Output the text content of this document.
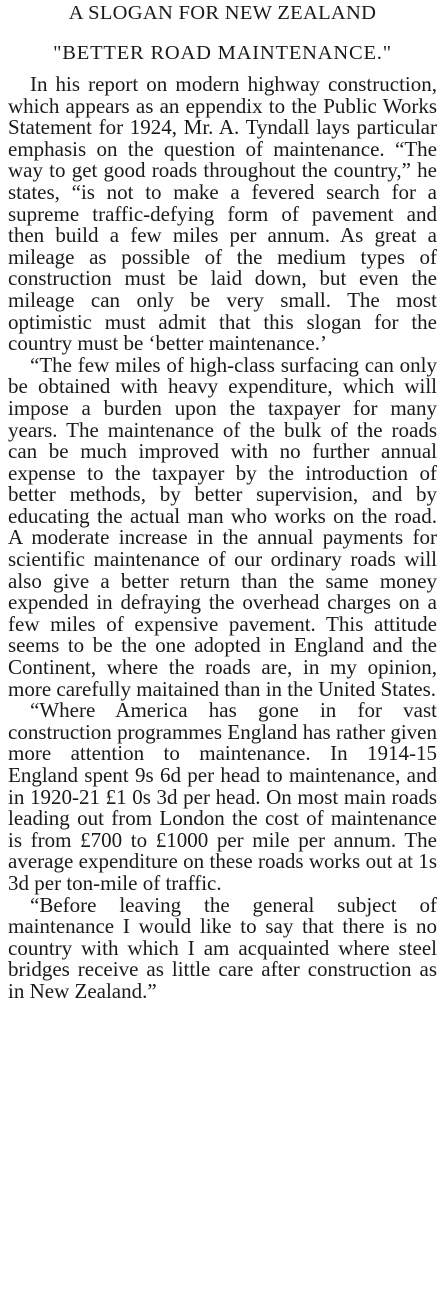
A SLOGAN FOR NEW ZEALAND
"BETTER ROAD MAINTENANCE."

In his report on modern highway construction, which appears as an eppendix to the Public Works Statement for 1924, Mr. A. Tyndall lays particular emphasis on the question of maintenance. “The way to get good roads throughout the country,” he states, “is not to make a fevered search for a supreme traffic-defying form of pavement and then build a few miles per annum. As great a mileage as possible of the medium types of construction must be laid down, but even the mileage can only be very small. The most optimistic must admit that this slogan for the country must be ‘better maintenance.’

“The few miles of high-class surfacing can only be obtained with heavy expenditure, which will impose a burden upon the taxpayer for many years. The maintenance of the bulk of the roads can be much improved with no further annual expense to the taxpayer by the introduction of better methods, by better supervision, and by educating the actual man who works on the road. A moderate increase in the annual payments for scientific maintenance of our ordinary roads will also give a better return than the same money expended in defraying the overhead charges on a few miles of expensive pavement. This attitude seems to be the one adopted in England and the Continent, where the roads are, in my opinion, more carefully maitained than in the United States.

“Where America has gone in for vast construction programmes England has rather given more attention to maintenance. In 1914-15 England spent 9s 6d per head to maintenance, and in 1920-21 £1 0s 3d per head. On most main roads leading out from London the cost of maintenance is from £700 to £1000 per mile per annum. The average expenditure on these roads works out at 1s 3d per ton-mile of traffic.

“Before leaving the general subject of maintenance I would like to say that there is no country with which I am acquainted where steel bridges receive as little care after construction as in New Zealand.”
